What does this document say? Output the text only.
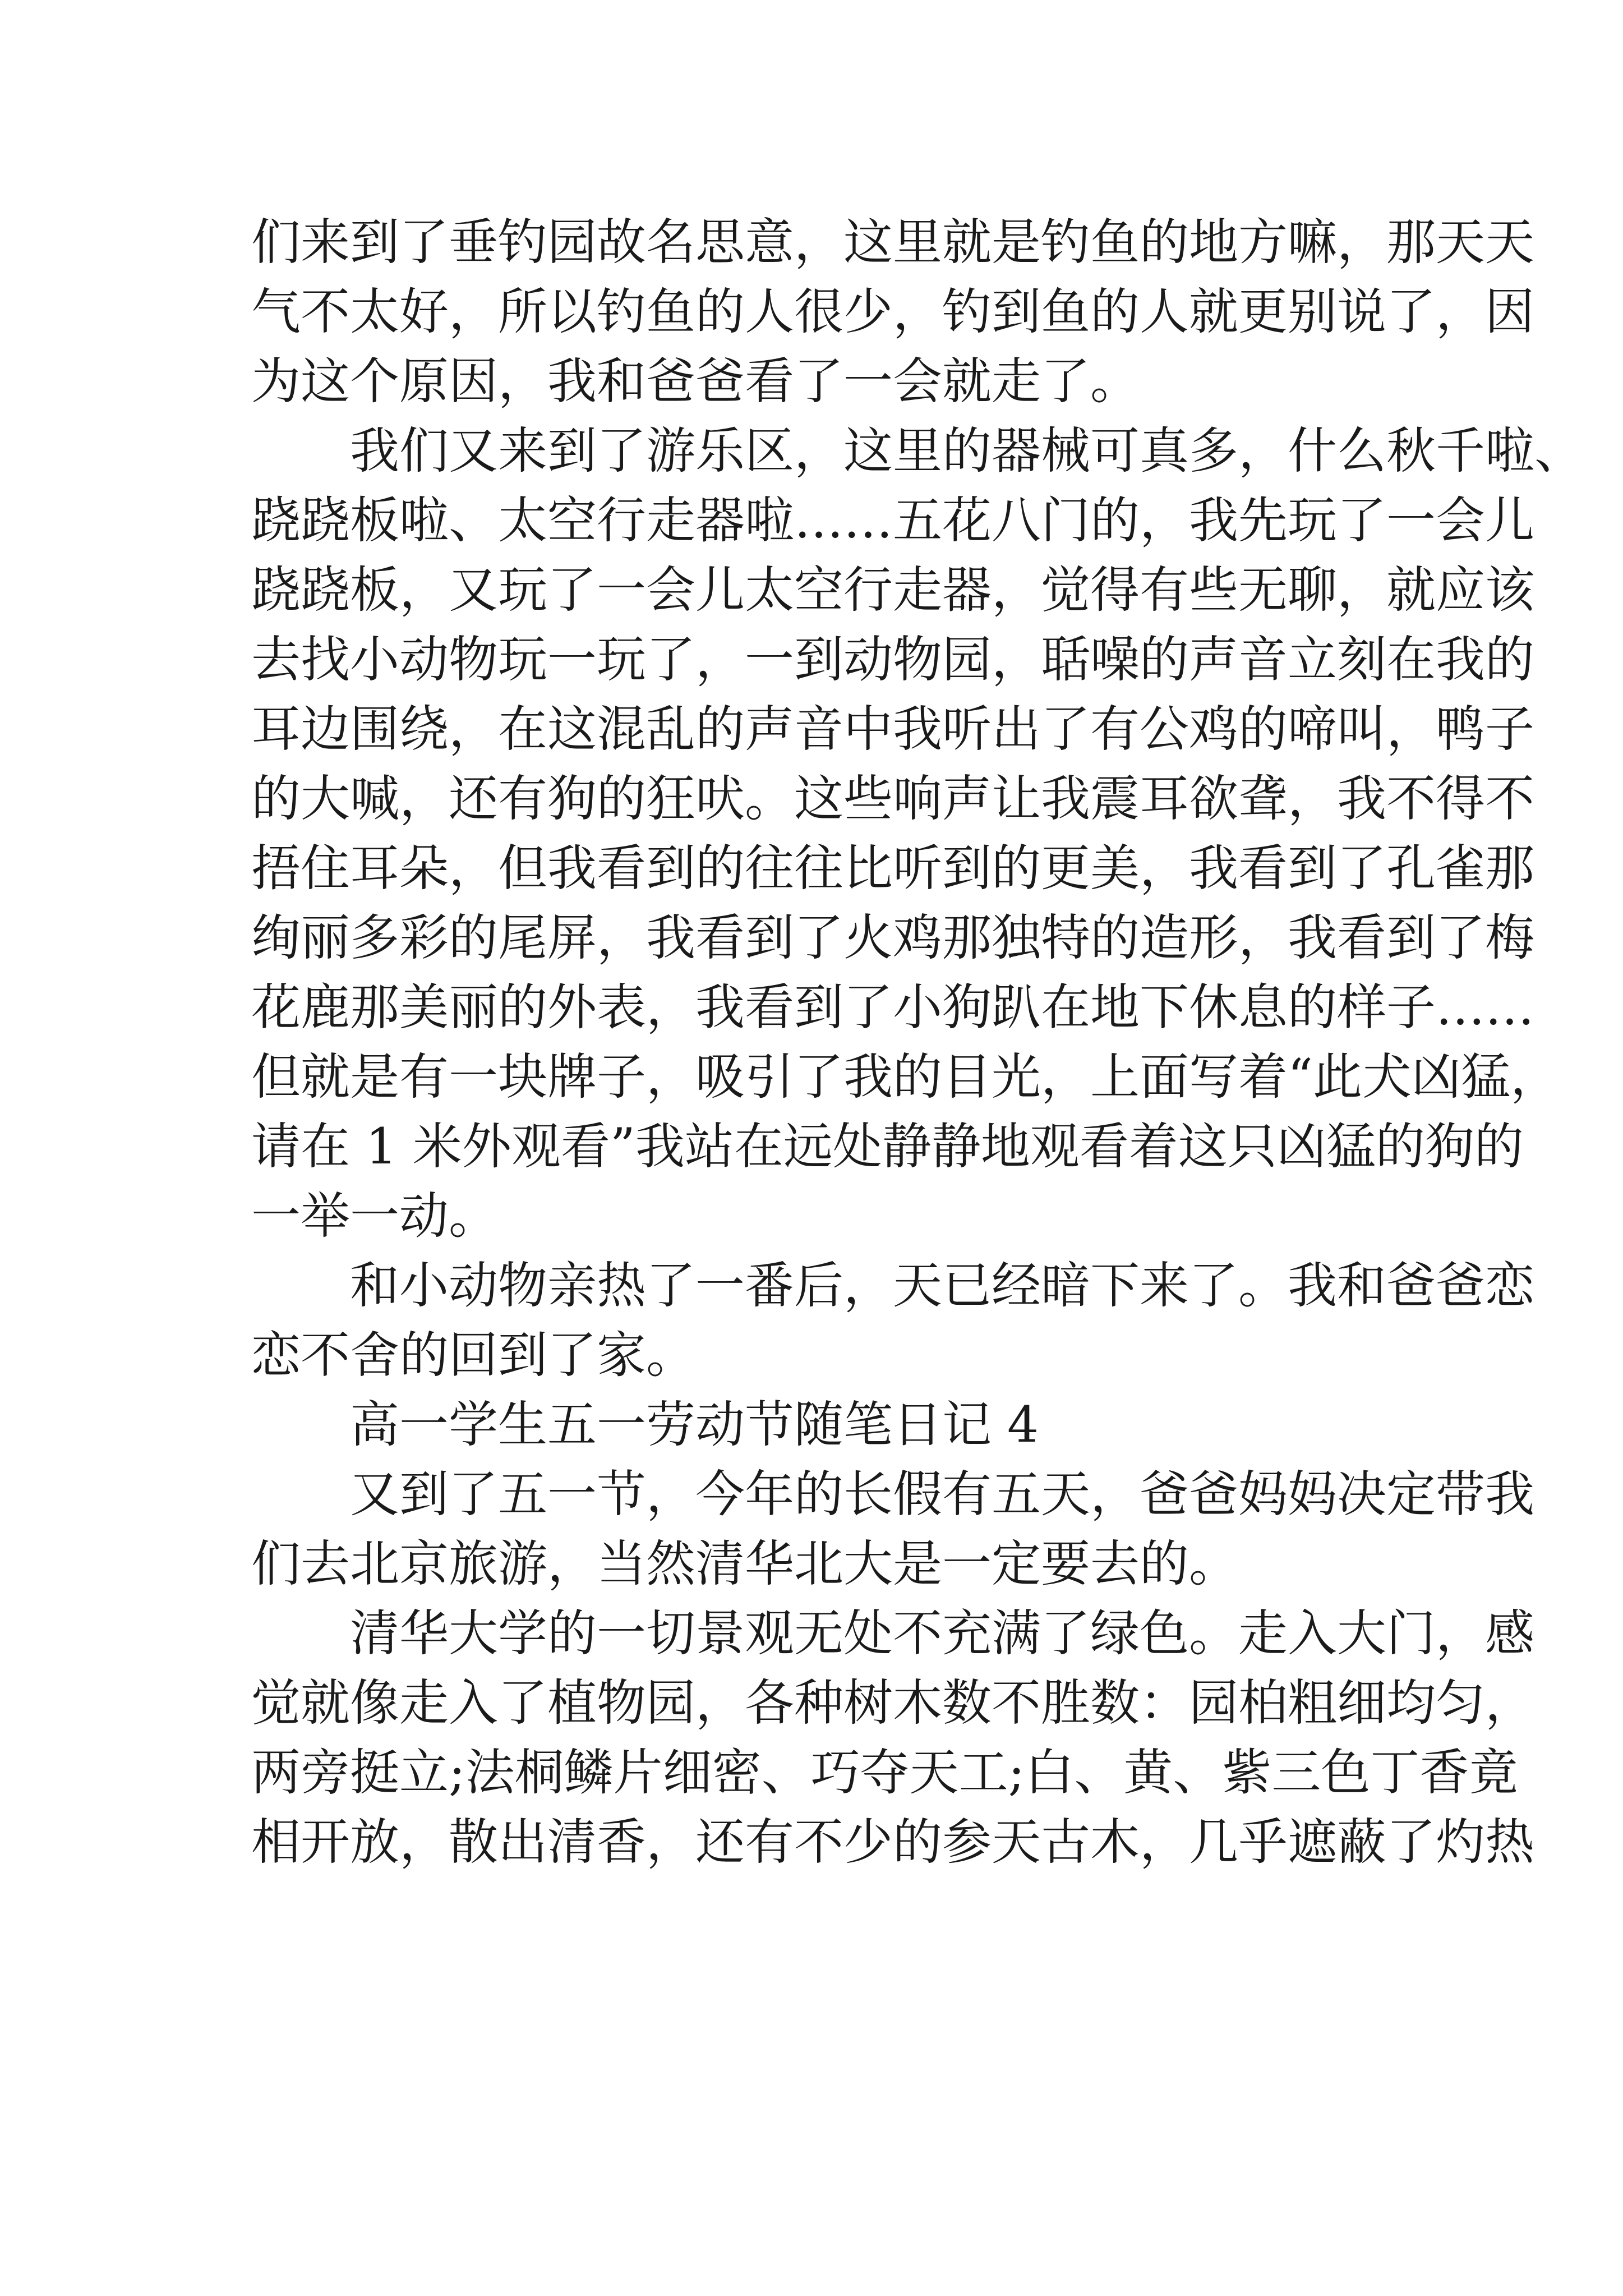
们来到了垂钓园故名思意，这里就是钓鱼的地方嘛，那天天
气不太好，所以钓鱼的人很少，钓到鱼的人就更别说了，因
为这个原因，我和爸爸看了一会就走了。
我们又来到了游乐区，这里的器械可真多，什么秋千啦、
跷跷板啦、太空行走器啦……五花八门的，我先玩了一会儿
跷跷板，又玩了一会儿太空行走器，觉得有些无聊，就应该
去找小动物玩一玩了，一到动物园，聒噪的声音立刻在我的
耳边围绕，在这混乱的声音中我听出了有公鸡的啼叫，鸭子
的大喊，还有狗的狂吠。这些响声让我震耳欲聋，我不得不
捂住耳朵，但我看到的往往比听到的更美，我看到了孔雀那
绚丽多彩的尾屏，我看到了火鸡那独特的造形，我看到了梅
花鹿那美丽的外表，我看到了小狗趴在地下休息的样子……
但就是有一块牌子，吸引了我的目光，上面写着“此犬凶猛，
请在 1 米外观看”我站在远处静静地观看着这只凶猛的狗的
一举一动。
和小动物亲热了一番后，天已经暗下来了。我和爸爸恋
恋不舍的回到了家。
高一学生五一劳动节随笔日记 4
又到了五一节，今年的长假有五天，爸爸妈妈决定带我
们去北京旅游，当然清华北大是一定要去的。
清华大学的一切景观无处不充满了绿色。走入大门，感
觉就像走入了植物园，各种树木数不胜数：园柏粗细均匀，
两旁挺立;法桐鳞片细密、巧夺天工;白、黄、紫三色丁香竟
相开放，散出清香，还有不少的参天古木，几乎遮蔽了灼热
